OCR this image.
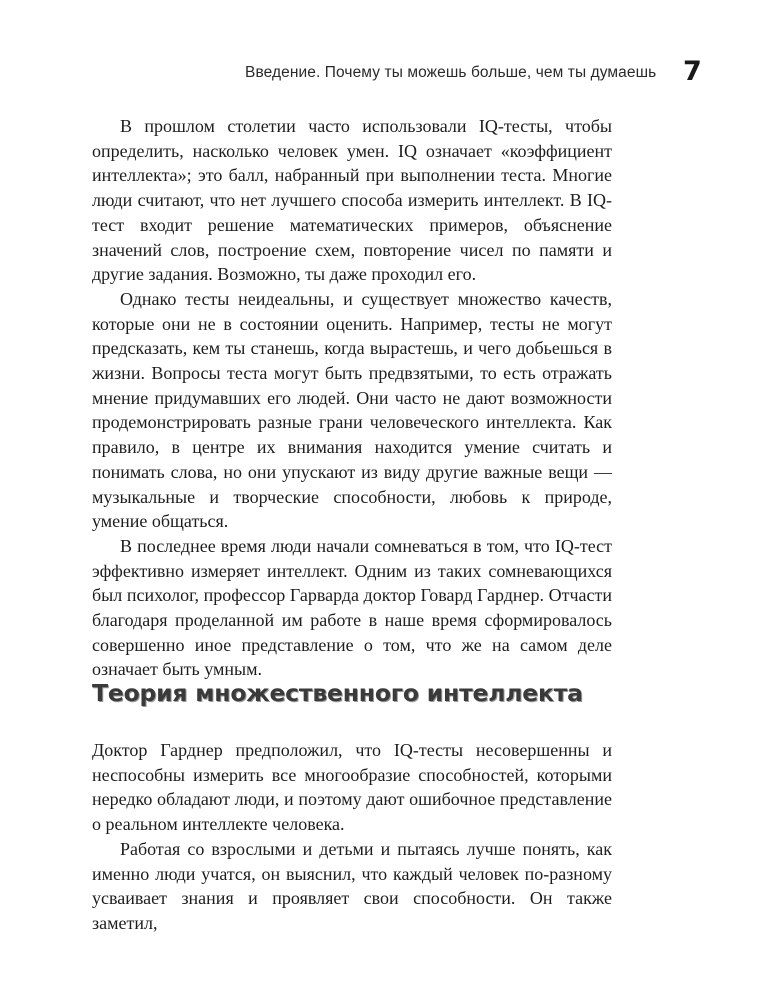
Введение. Почему ты можешь больше, чем ты думаешь 7

В прошлом столетии часто использовали IQ-тесты, чтобы определить, насколько человек умен. IQ означает «коэффициент интеллекта»; это балл, набранный при выполнении теста. Многие люди считают, что нет лучшего способа измерить интеллект. В IQ-тест входит решение математических примеров, объяснение значений слов, построение схем, повторение чисел по памяти и другие задания. Возможно, ты даже проходил его.

Однако тесты неидеальны, и существует множество качеств, которые они не в состоянии оценить. Например, тесты не могут предсказать, кем ты станешь, когда вырастешь, и чего добьешься в жизни. Вопросы теста могут быть предвзятыми, то есть отражать мнение придумавших его людей. Они часто не дают возможности продемонстрировать разные грани человеческого интеллекта. Как правило, в центре их внимания находится умение считать и понимать слова, но они упускают из виду другие важные вещи — музыкальные и творческие способности, любовь к природе, умение общаться.

В последнее время люди начали сомневаться в том, что IQ-тест эффективно измеряет интеллект. Одним из таких сомневающихся был психолог, профессор Гарварда доктор Говард Гарднер. Отчасти благодаря проделанной им работе в наше время сформировалось совершенно иное представление о том, что же на самом деле означает быть умным.

Теория множественного интеллекта

Доктор Гарднер предположил, что IQ-тесты несовершенны и неспособны измерить все многообразие способностей, которыми нередко обладают люди, и поэтому дают ошибочное представление о реальном интеллекте человека.

Работая со взрослыми и детьми и пытаясь лучше понять, как именно люди учатся, он выяснил, что каждый человек по-разному усваивает знания и проявляет свои способности. Он также заметил,
